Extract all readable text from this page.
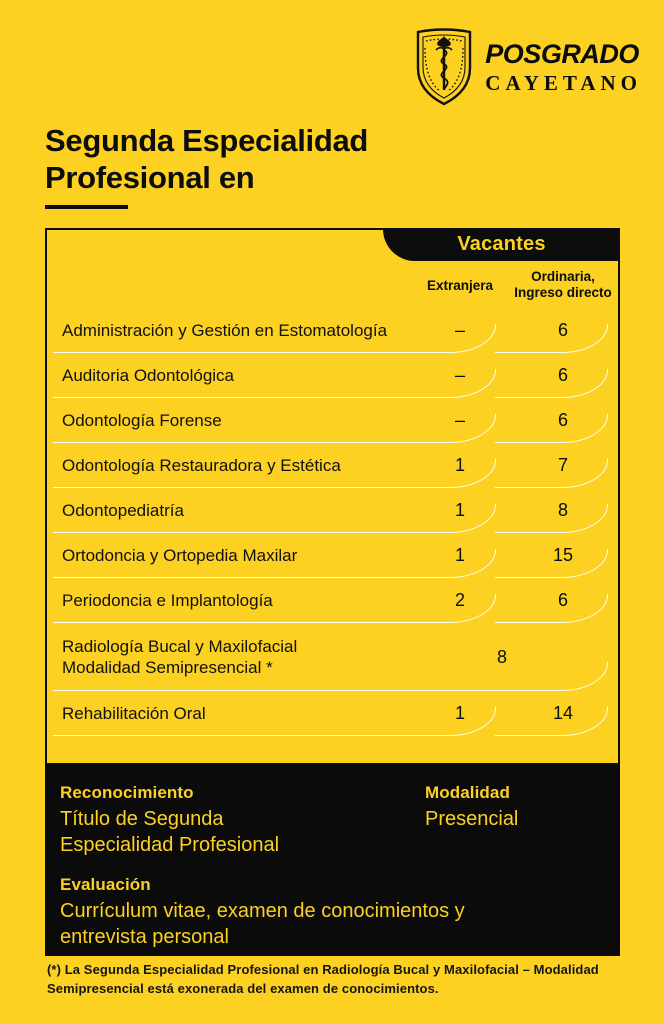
POSGRADO
CAYETANO
Segunda Especialidad
Profesional en
Vacantes
Extranjera
Ordinaria,
Ingreso directo
Administración y Gestión en Estomatología	–	6
Auditoria Odontológica	–	6
Odontología Forense	–	6
Odontología Restauradora y Estética	1	7
Odontopediatría	1	8
Ortodoncia y Ortopedia Maxilar	1	15
Periodoncia e Implantología	2	6
Radiología Bucal y Maxilofacial
Modalidad Semipresencial *
8
Rehabilitación Oral	1	14
Reconocimiento
Título de Segunda Especialidad Profesional
Modalidad
Presencial
Evaluación
Currículum vitae, examen de conocimientos y entrevista personal

(*) La Segunda Especialidad Profesional en Radiología Bucal y Maxilofacial – Modalidad Semipresencial está exonerada del examen de conocimientos.
